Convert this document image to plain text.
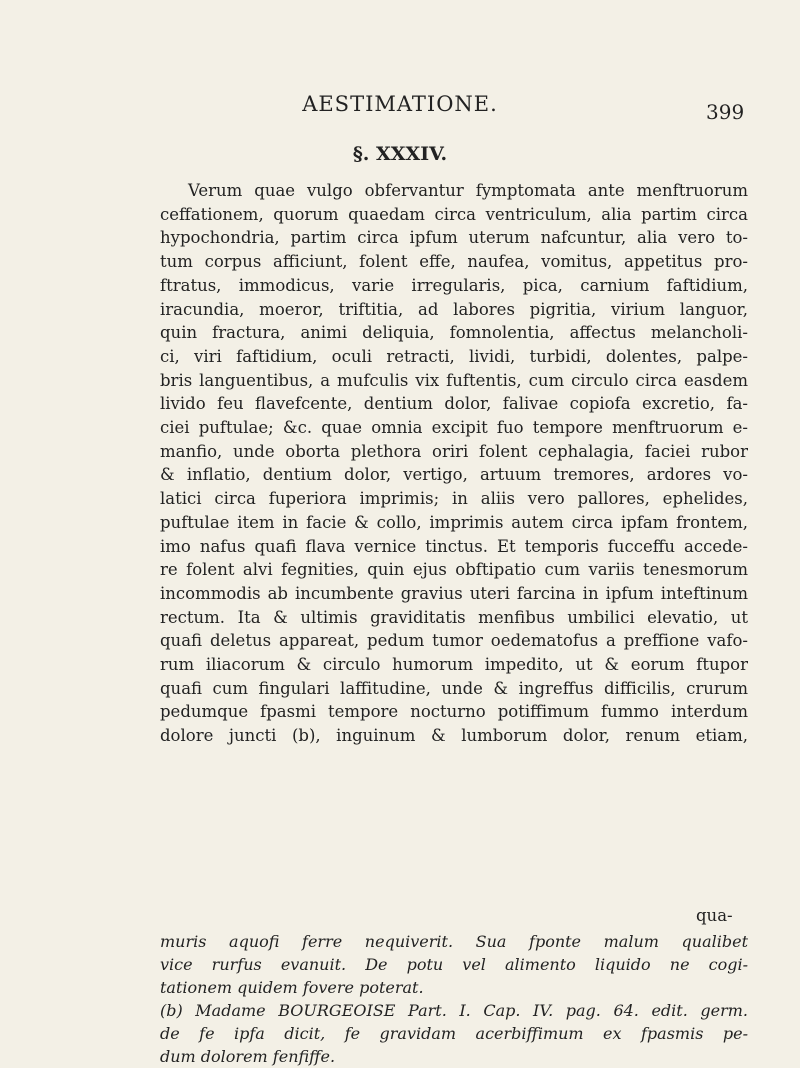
AESTIMATIONE.	399
§. XXXIV.
Verum quae vulgo obfervantur fymptomata ante menftruorum
ceffationem, quorum quaedam circa ventriculum, alia partim circa
hypochondria, partim circa ipfum uterum nafcuntur, alia vero to-
tum corpus afficiunt, folent effe, naufea, vomitus, appetitus pro-
ftratus, immodicus, varie irregularis, pica, carnium faftidium,
iracundia, moeror, triftitia, ad labores pigritia, virium languor,
quin fractura, animi deliquia, fomnolentia, affectus melancholi-
ci, viri faftidium, oculi retracti, lividi, turbidi, dolentes, palpe-
bris languentibus, a mufculis vix fuftentis, cum circulo circa easdem
livido feu flavefcente, dentium dolor, falivae copiofa excretio, fa-
ciei puftulae; &c. quae omnia excipit fuo tempore menftruorum e-
manfio, unde oborta plethora oriri folent cephalagia, faciei rubor
& inflatio, dentium dolor, vertigo, artuum tremores, ardores vo-
latici circa fuperiora imprimis; in aliis vero pallores, ephelides,
puftulae item in facie & collo, imprimis autem circa ipfam frontem,
imo nafus quafi flava vernice tinctus. Et temporis fucceffu accede-
re folent alvi fegnities, quin ejus obftipatio cum variis tenesmorum
incommodis ab incumbente gravius uteri farcina in ipfum inteftinum
rectum. Ita & ultimis graviditatis menfibus umbilici elevatio, ut
quafi deletus appareat, pedum tumor oedematofus a preffione vafo-
rum iliacorum & circulo humorum impedito, ut & eorum ftupor
quafi cum fingulari laffitudine, unde & ingreffus difficilis, crurum
pedumque fpasmi tempore nocturno potiffimum fummo interdum
dolore juncti (b), inguinum & lumborum dolor, renum etiam,
qua-
muris aquofi ferre nequiverit. Sua fponte malum qualibet
vice rurfus evanuit. De potu vel alimento liquido ne cogi-
tationem quidem fovere poterat.
(b) Madame BOURGEOISE Part. I. Cap. IV. pag. 64. edit. germ.
de fe ipfa dicit, fe gravidam acerbiffimum ex fpasmis pe-
dum dolorem fenfiffe.
